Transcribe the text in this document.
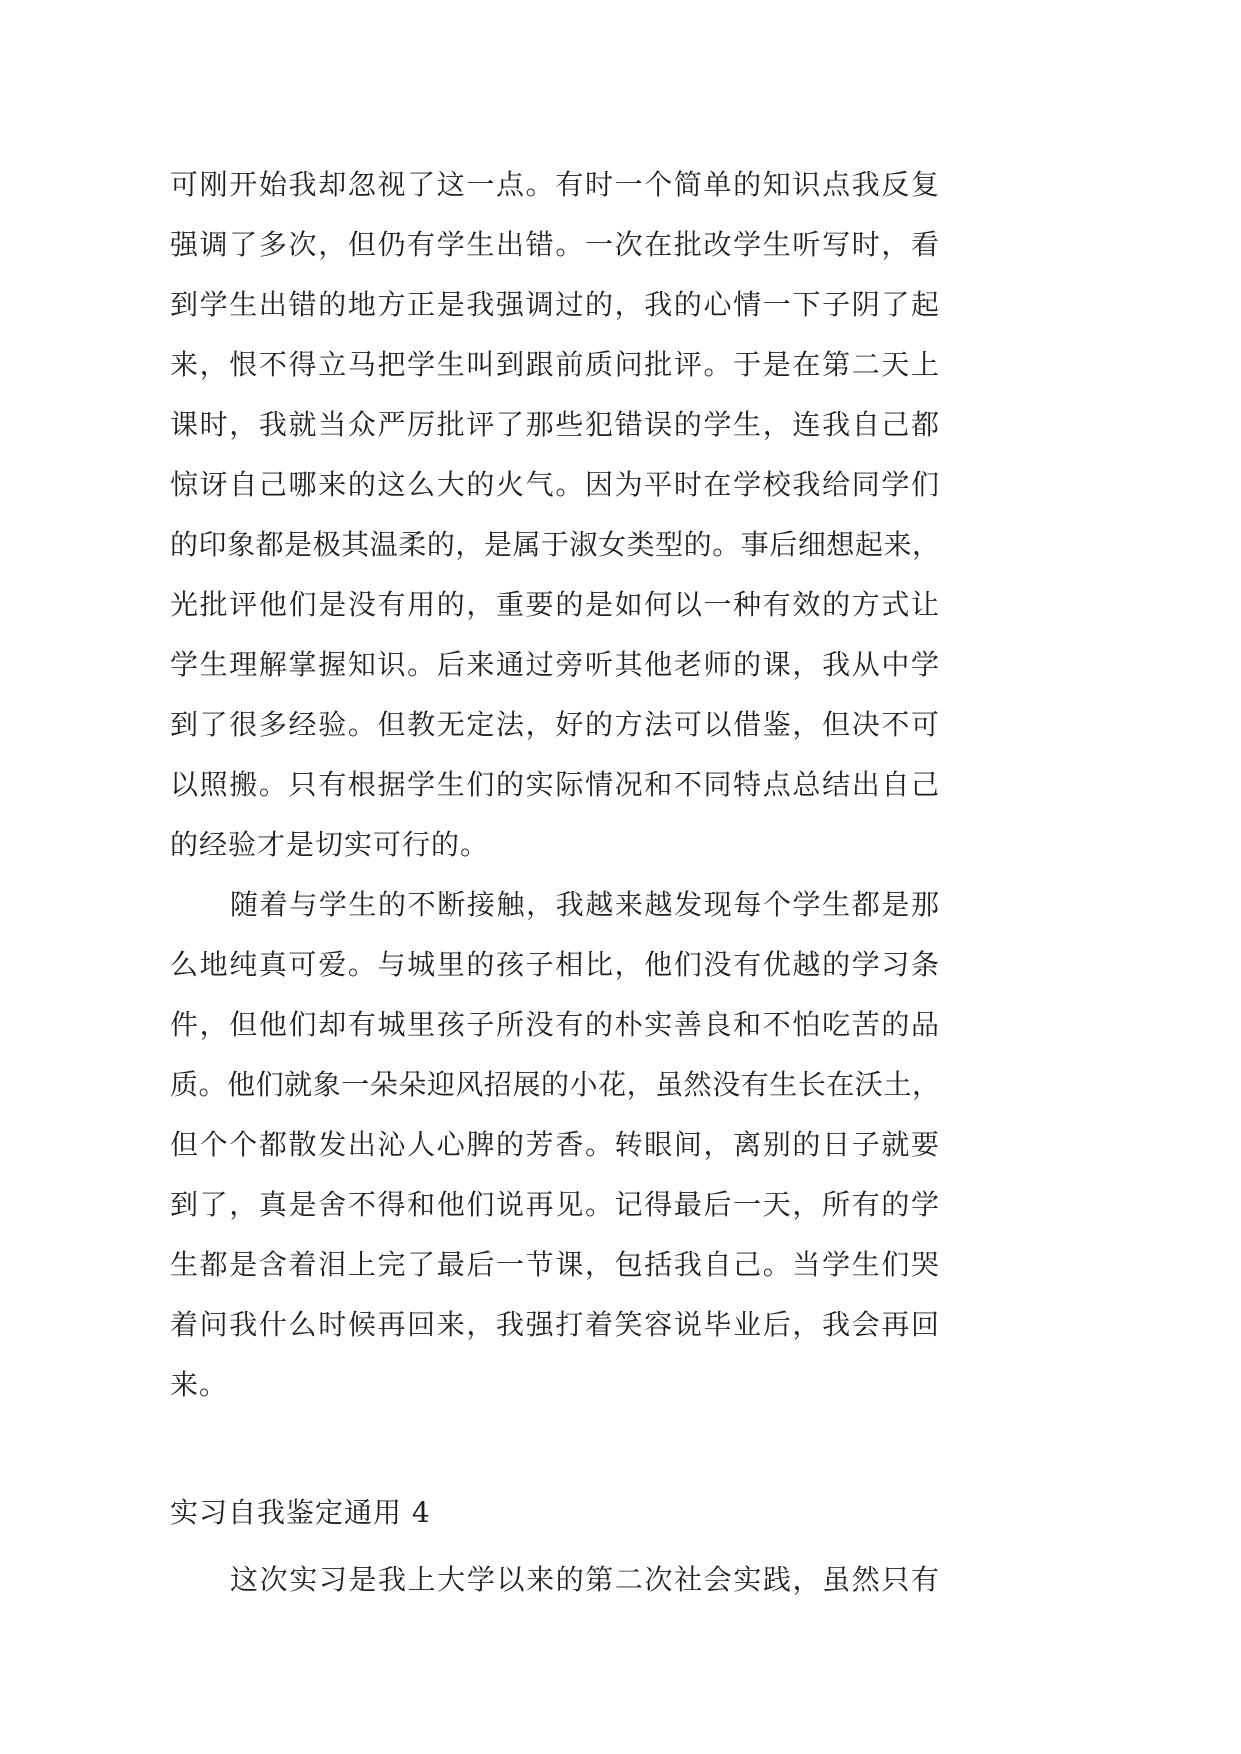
可刚开始我却忽视了这一点。有时一个简单的知识点我反复
强调了多次，但仍有学生出错。一次在批改学生听写时，看
到学生出错的地方正是我强调过的，我的心情一下子阴了起
来，恨不得立马把学生叫到跟前质问批评。于是在第二天上
课时，我就当众严厉批评了那些犯错误的学生，连我自己都
惊讶自己哪来的这么大的火气。因为平时在学校我给同学们
的印象都是极其温柔的，是属于淑女类型的。事后细想起来，
光批评他们是没有用的，重要的是如何以一种有效的方式让
学生理解掌握知识。后来通过旁听其他老师的课，我从中学
到了很多经验。但教无定法，好的方法可以借鉴，但决不可
以照搬。只有根据学生们的实际情况和不同特点总结出自己
的经验才是切实可行的。
随着与学生的不断接触，我越来越发现每个学生都是那
么地纯真可爱。与城里的孩子相比，他们没有优越的学习条
件，但他们却有城里孩子所没有的朴实善良和不怕吃苦的品
质。他们就象一朵朵迎风招展的小花，虽然没有生长在沃土，
但个个都散发出沁人心脾的芳香。转眼间，离别的日子就要
到了，真是舍不得和他们说再见。记得最后一天，所有的学
生都是含着泪上完了最后一节课，包括我自己。当学生们哭
着问我什么时候再回来，我强打着笑容说毕业后，我会再回
来。
实习自我鉴定通用 4
这次实习是我上大学以来的第二次社会实践，虽然只有
